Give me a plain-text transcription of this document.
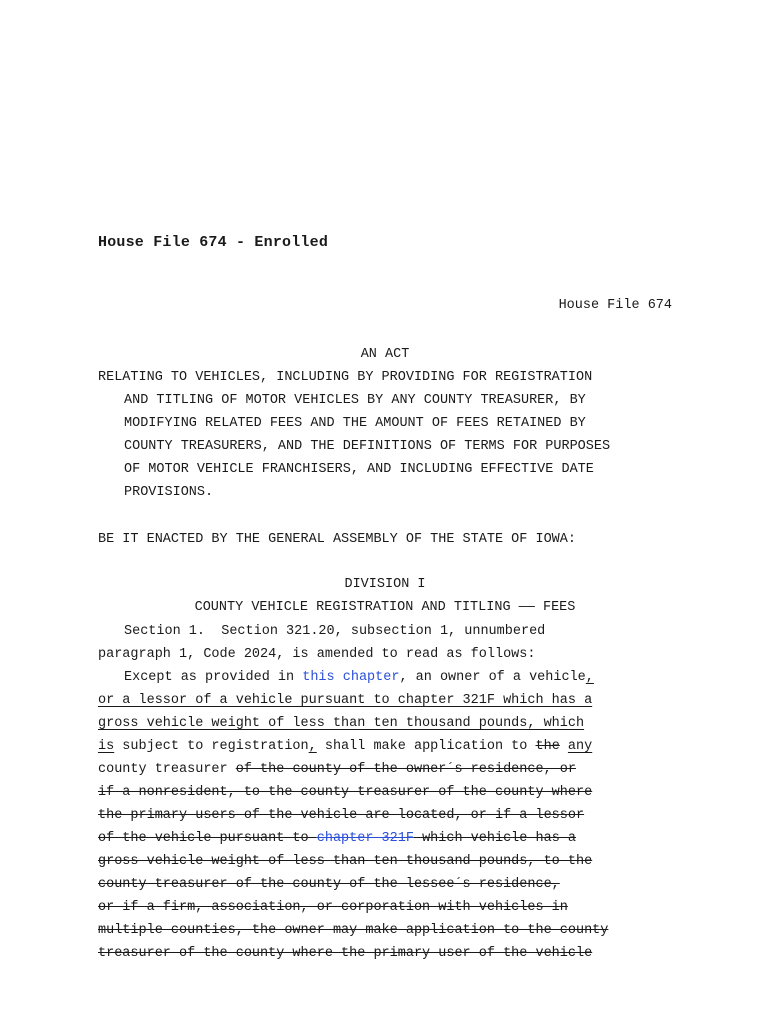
House File 674 - Enrolled
House File 674
AN ACT
RELATING TO VEHICLES, INCLUDING BY PROVIDING FOR REGISTRATION
AND TITLING OF MOTOR VEHICLES BY ANY COUNTY TREASURER, BY
MODIFYING RELATED FEES AND THE AMOUNT OF FEES RETAINED BY
COUNTY TREASURERS, AND THE DEFINITIONS OF TERMS FOR PURPOSES
OF MOTOR VEHICLE FRANCHISERS, AND INCLUDING EFFECTIVE DATE
PROVISIONS.
BE IT ENACTED BY THE GENERAL ASSEMBLY OF THE STATE OF IOWA:
DIVISION I
COUNTY VEHICLE REGISTRATION AND TITLING —— FEES
Section 1.  Section 321.20, subsection 1, unnumbered
paragraph 1, Code 2024, is amended to read as follows:
Except as provided in this chapter, an owner of a vehicle,
or a lessor of a vehicle pursuant to chapter 321F which has a
gross vehicle weight of less than ten thousand pounds, which
is subject to registration, shall make application to the any
county treasurer of the county of the owner´s residence, or
if a nonresident, to the county treasurer of the county where
the primary users of the vehicle are located, or if a lessor
of the vehicle pursuant to chapter 321F which vehicle has a
gross vehicle weight of less than ten thousand pounds, to the
county treasurer of the county of the lessee´s residence,
or if a firm, association, or corporation with vehicles in
multiple counties, the owner may make application to the county
treasurer of the county where the primary user of the vehicle
